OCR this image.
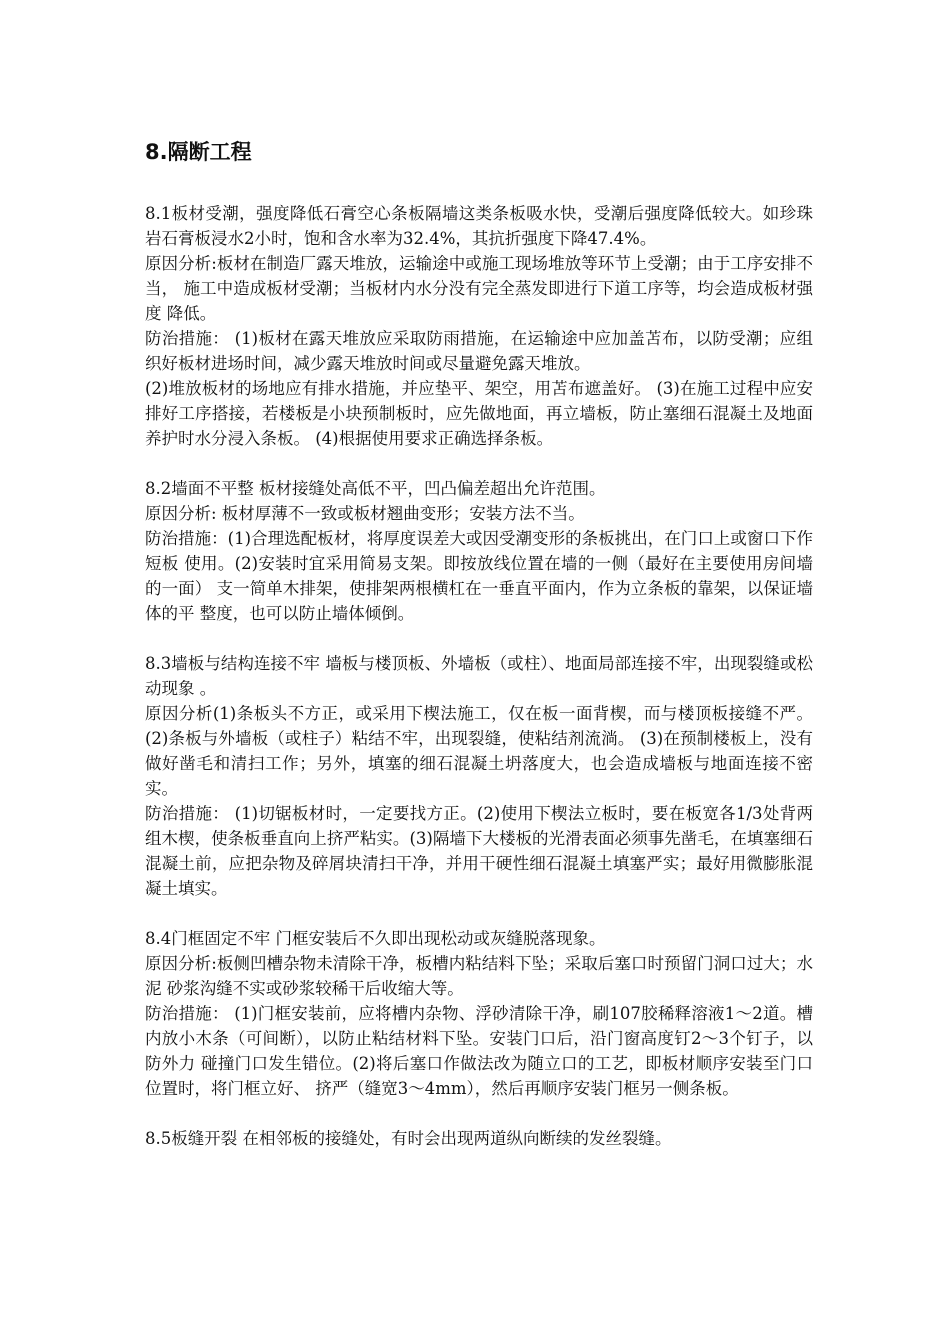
8.隔断工程

8.1板材受潮，强度降低石膏空心条板隔墙这类条板吸水快，受潮后强度降低较大。如珍珠岩石膏板浸水2小时，饱和含水率为32.4%，其抗折强度下降47.4%。

原因分析:板材在制造厂露天堆放，运输途中或施工现场堆放等环节上受潮；由于工序安排不当， 施工中造成板材受潮；当板材内水分没有完全蒸发即进行下道工序等，均会造成板材强度 降低。

防治措施： (1)板材在露天堆放应采取防雨措施，在运输途中应加盖苫布，以防受潮；应组织好板材进场时间，减少露天堆放时间或尽量避免露天堆放。

(2)堆放板材的场地应有排水措施，并应垫平、架空，用苫布遮盖好。 (3)在施工过程中应安排好工序搭接，若楼板是小块预制板时，应先做地面，再立墙板，防止塞细石混凝土及地面养护时水分浸入条板。 (4)根据使用要求正确选择条板。

8.2墙面不平整 板材接缝处高低不平，凹凸偏差超出允许范围。

原因分析: 板材厚薄不一致或板材翘曲变形；安装方法不当。

防治措施：(1)合理选配板材，将厚度误差大或因受潮变形的条板挑出，在门口上或窗口下作短板 使用。(2)安装时宜采用简易支架。即按放线位置在墙的一侧（最好在主要使用房间墙的一面） 支一简单木排架，使排架两根横杠在一垂直平面内，作为立条板的靠架，以保证墙体的平 整度，也可以防止墙体倾倒。

8.3墙板与结构连接不牢 墙板与楼顶板、外墙板（或柱）、地面局部连接不牢，出现裂缝或松动现象 。

原因分析(1)条板头不方正，或采用下楔法施工，仅在板一面背楔，而与楼顶板接缝不严。 (2)条板与外墙板（或柱子）粘结不牢，出现裂缝，使粘结剂流淌。 (3)在预制楼板上，没有做好凿毛和清扫工作；另外，填塞的细石混凝土坍落度大，也会造成墙板与地面连接不密实。

防治措施： (1)切锯板材时，一定要找方正。(2)使用下楔法立板时，要在板宽各1/3处背两组木楔，使条板垂直向上挤严粘实。(3)隔墙下大楼板的光滑表面必须事先凿毛，在填塞细石混凝土前，应把杂物及碎屑块清扫干净，并用干硬性细石混凝土填塞严实；最好用微膨胀混凝土填实。

8.4门框固定不牢 门框安装后不久即出现松动或灰缝脱落现象。

原因分析:板侧凹槽杂物未清除干净，板槽内粘结料下坠；采取后塞口时预留门洞口过大；水泥 砂浆沟缝不实或砂浆较稀干后收缩大等。

防治措施： (1)门框安装前，应将槽内杂物、浮砂清除干净，刷107胶稀释溶液1～2道。槽内放小木条（可间断），以防止粘结材料下坠。安装门口后，沿门窗高度钉2～3个钉子，以防外力 碰撞门口发生错位。(2)将后塞口作做法改为随立口的工艺，即板材顺序安装至门口位置时，将门框立好、 挤严（缝宽3～4mm），然后再顺序安装门框另一侧条板。

8.5板缝开裂 在相邻板的接缝处，有时会出现两道纵向断续的发丝裂缝。
